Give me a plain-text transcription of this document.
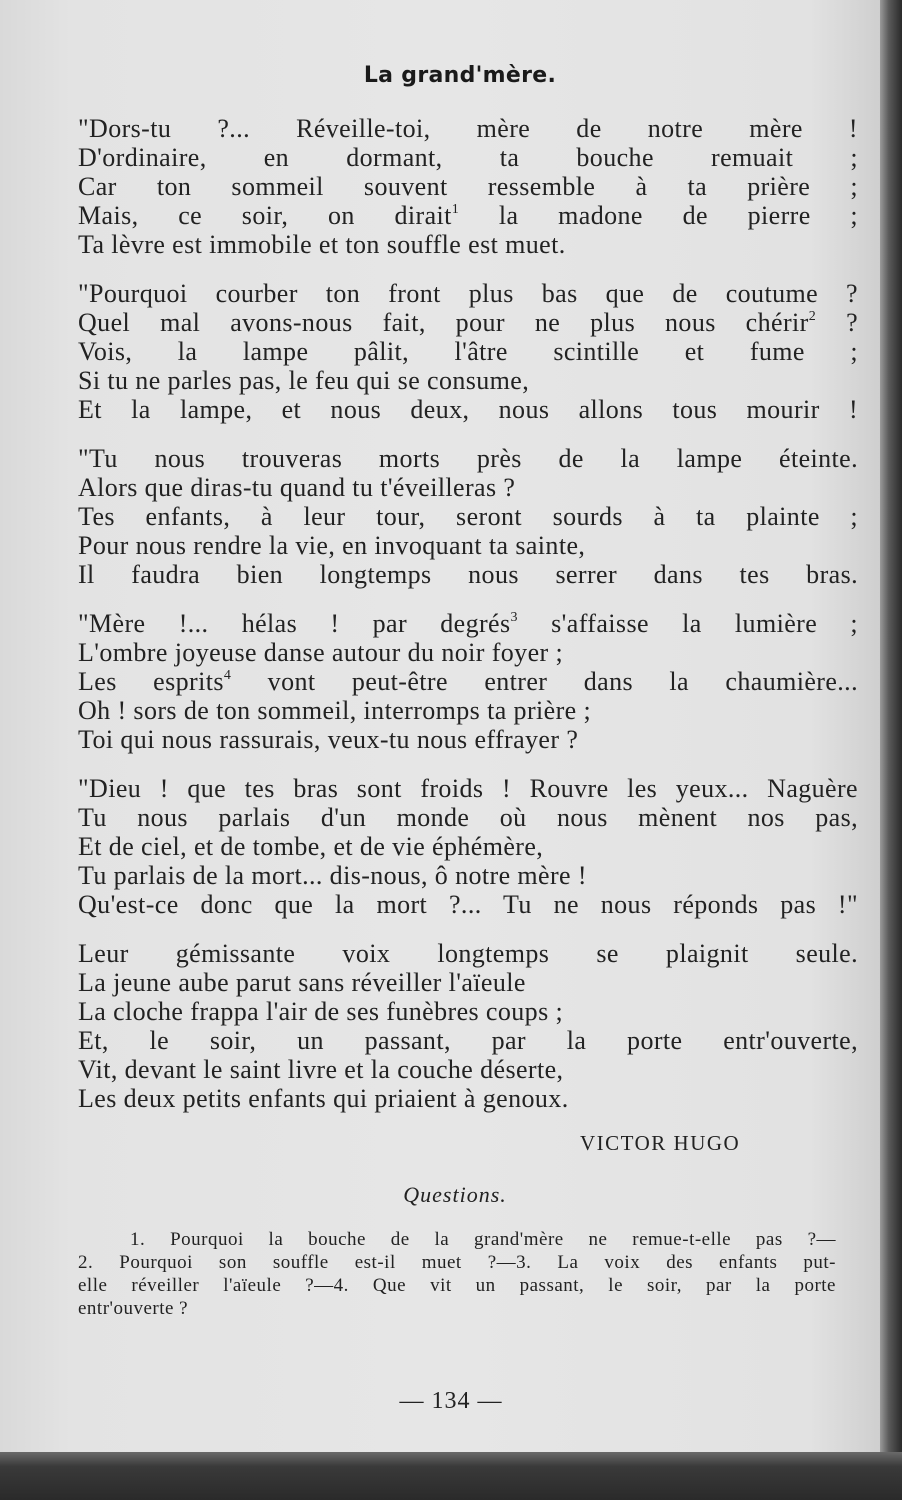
La grand'mère.
"Dors-tu ?... Réveille-toi, mère de notre mère !
D'ordinaire, en dormant, ta bouche remuait ;
Car ton sommeil souvent ressemble à ta prière ;
Mais, ce soir, on dirait$^1$ la madone de pierre ;
Ta lèvre est immobile et ton souffle est muet.
"Pourquoi courber ton front plus bas que de coutume ?
Quel mal avons-nous fait, pour ne plus nous chérir$^2$ ?
Vois, la lampe pâlit, l'âtre scintille et fume ;
Si tu ne parles pas, le feu qui se consume,
Et la lampe, et nous deux, nous allons tous mourir !
"Tu nous trouveras morts près de la lampe éteinte.
Alors que diras-tu quand tu t'éveilleras ?
Tes enfants, à leur tour, seront sourds à ta plainte ;
Pour nous rendre la vie, en invoquant ta sainte,
Il faudra bien longtemps nous serrer dans tes bras.
"Mère !... hélas ! par degrés$^3$ s'affaisse la lumière ;
L'ombre joyeuse danse autour du noir foyer ;
Les esprits$^4$ vont peut-être entrer dans la chaumière...
Oh ! sors de ton sommeil, interromps ta prière ;
Toi qui nous rassurais, veux-tu nous effrayer ?
"Dieu ! que tes bras sont froids ! Rouvre les yeux... Naguère
Tu nous parlais d'un monde où nous mènent nos pas,
Et de ciel, et de tombe, et de vie éphémère,
Tu parlais de la mort... dis-nous, ô notre mère !
Qu'est-ce donc que la mort ?... Tu ne nous réponds pas !"
Leur gémissante voix longtemps se plaignit seule.
La jeune aube parut sans réveiller l'aïeule
La cloche frappa l'air de ses funèbres coups ;
Et, le soir, un passant, par la porte entr'ouverte,
Vit, devant le saint livre et la couche déserte,
Les deux petits enfants qui priaient à genoux.
VICTOR HUGO
Questions.
1. Pourquoi la bouche de la grand'mère ne remue-t-elle pas ?—
2. Pourquoi son souffle est-il muet ?—3. La voix des enfants put-
elle réveiller l'aïeule ?—4. Que vit un passant, le soir, par la porte
entr'ouverte ?
— 134 —
